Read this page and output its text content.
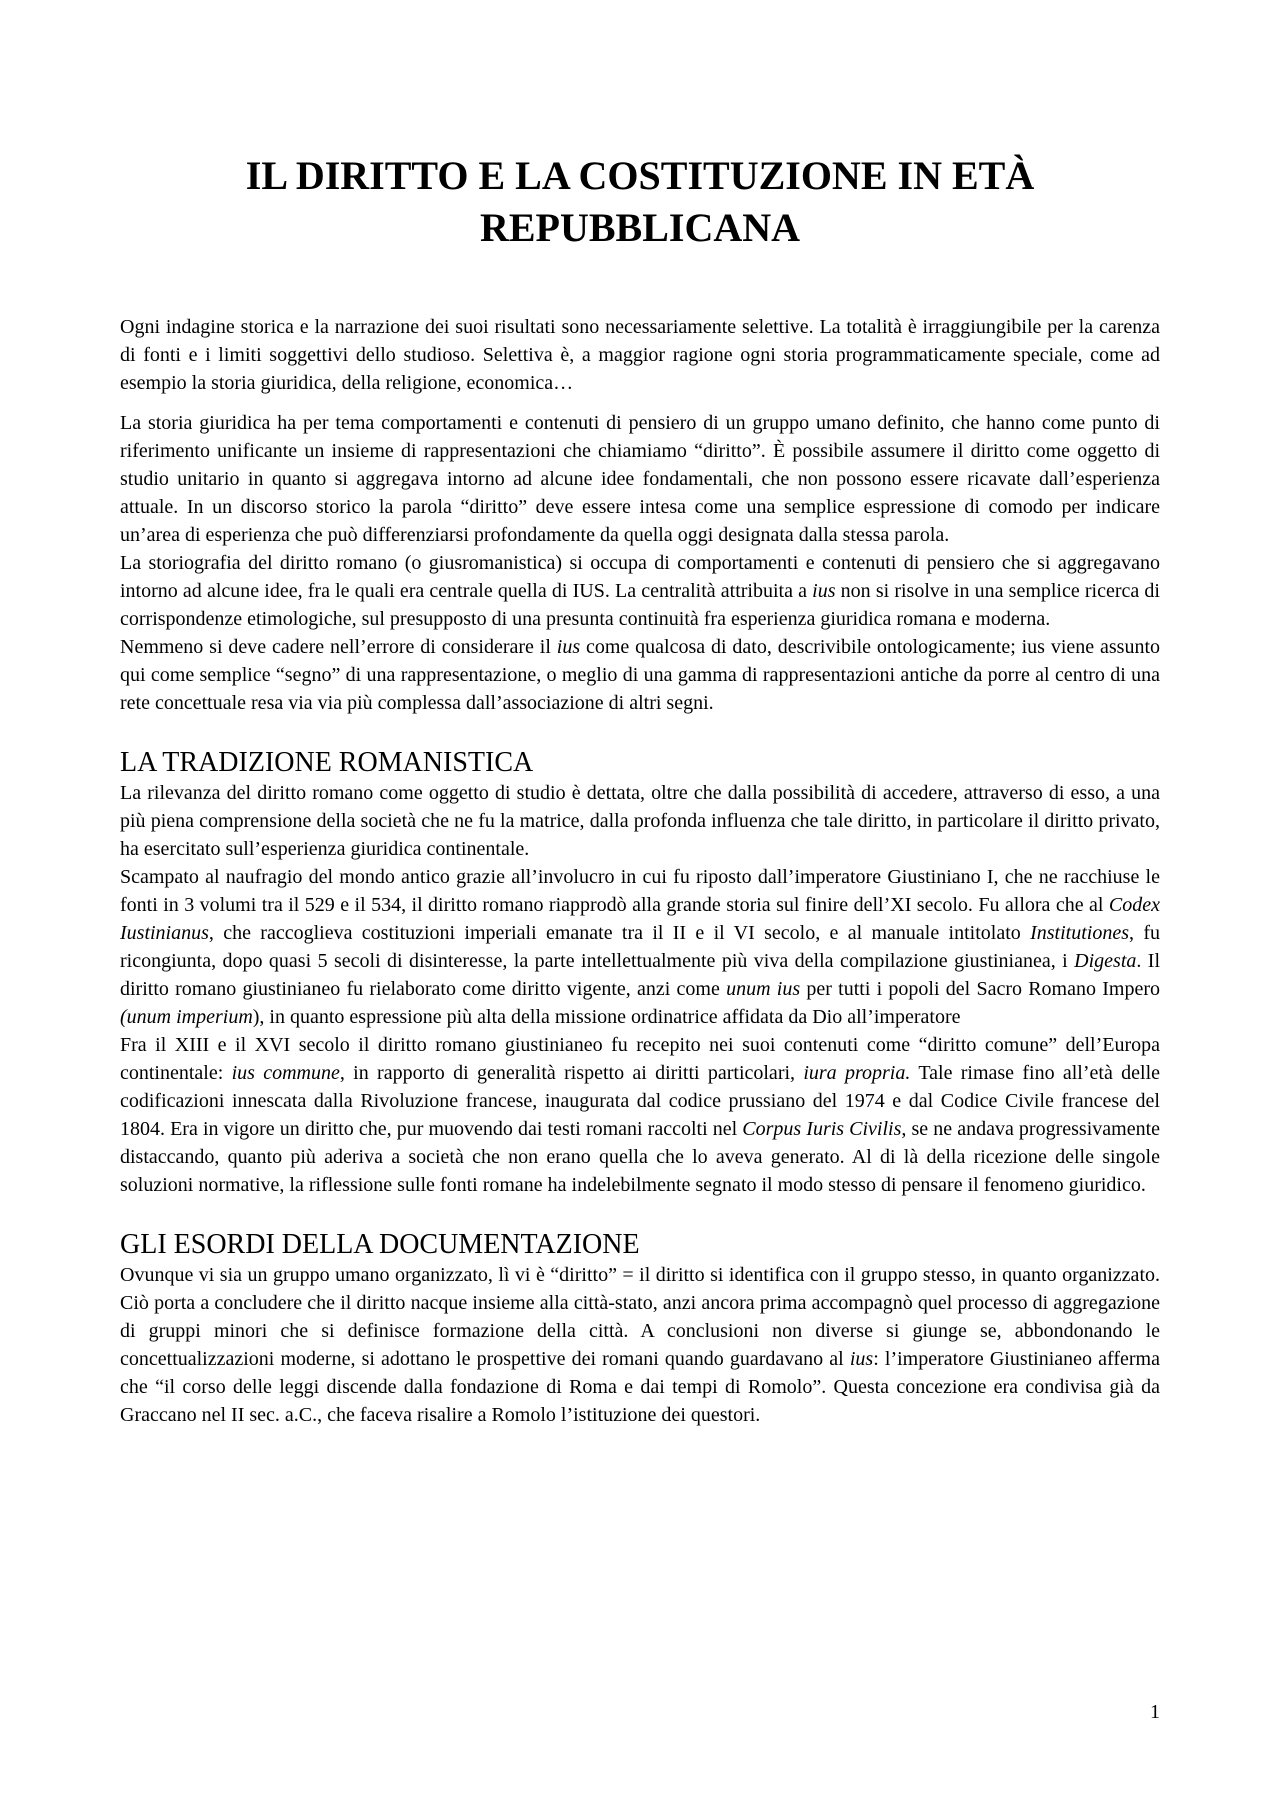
IL DIRITTO E LA COSTITUZIONE IN ETÀ
REPUBBLICANA

Ogni indagine storica e la narrazione dei suoi risultati sono necessariamente selettive. La totalità è irraggiungibile per la carenza di fonti e i limiti soggettivi dello studioso. Selettiva è, a maggior ragione ogni storia programmaticamente speciale, come ad esempio la storia giuridica, della religione, economica…

La storia giuridica ha per tema comportamenti e contenuti di pensiero di un gruppo umano definito, che hanno come punto di riferimento unificante un insieme di rappresentazioni che chiamiamo “diritto”. È possibile assumere il diritto come oggetto di studio unitario in quanto si aggregava intorno ad alcune idee fondamentali, che non possono essere ricavate dall’esperienza attuale. In un discorso storico la parola “diritto” deve essere intesa come una semplice espressione di comodo per indicare un’area di esperienza che può differenziarsi profondamente da quella oggi designata dalla stessa parola.

La storiografia del diritto romano (o giusromanistica) si occupa di comportamenti e contenuti di pensiero che si aggregavano intorno ad alcune idee, fra le quali era centrale quella di IUS. La centralità attribuita a ius non si risolve in una semplice ricerca di corrispondenze etimologiche, sul presupposto di una presunta continuità fra esperienza giuridica romana e moderna.

Nemmeno si deve cadere nell’errore di considerare il ius come qualcosa di dato, descrivibile ontologicamente; ius viene assunto qui come semplice “segno” di una rappresentazione, o meglio di una gamma di rappresentazioni antiche da porre al centro di una rete concettuale resa via via più complessa dall’associazione di altri segni.

LA TRADIZIONE ROMANISTICA

La rilevanza del diritto romano come oggetto di studio è dettata, oltre che dalla possibilità di accedere, attraverso di esso, a una più piena comprensione della società che ne fu la matrice, dalla profonda influenza che tale diritto, in particolare il diritto privato, ha esercitato sull’esperienza giuridica continentale.

Scampato al naufragio del mondo antico grazie all’involucro in cui fu riposto dall’imperatore Giustiniano I, che ne racchiuse le fonti in 3 volumi tra il 529 e il 534, il diritto romano riapprodò alla grande storia sul finire dell’XI secolo. Fu allora che al Codex Iustinianus, che raccoglieva costituzioni imperiali emanate tra il II e il VI secolo, e al manuale intitolato Institutiones, fu ricongiunta, dopo quasi 5 secoli di disinteresse, la parte intellettualmente più viva della compilazione giustinianea, i Digesta. Il diritto romano giustinianeo fu rielaborato come diritto vigente, anzi come unum ius per tutti i popoli del Sacro Romano Impero (unum imperium), in quanto espressione più alta della missione ordinatrice affidata da Dio all’imperatore

Fra il XIII e il XVI secolo il diritto romano giustinianeo fu recepito nei suoi contenuti come “diritto comune” dell’Europa continentale: ius commune, in rapporto di generalità rispetto ai diritti particolari, iura propria. Tale rimase fino all’età delle codificazioni innescata dalla Rivoluzione francese, inaugurata dal codice prussiano del 1974 e dal Codice Civile francese del 1804. Era in vigore un diritto che, pur muovendo dai testi romani raccolti nel Corpus Iuris Civilis, se ne andava progressivamente distaccando, quanto più aderiva a società che non erano quella che lo aveva generato. Al di là della ricezione delle singole soluzioni normative, la riflessione sulle fonti romane ha indelebilmente segnato il modo stesso di pensare il fenomeno giuridico.

GLI ESORDI DELLA DOCUMENTAZIONE

Ovunque vi sia un gruppo umano organizzato, lì vi è “diritto” = il diritto si identifica con il gruppo stesso, in quanto organizzato. Ciò porta a concludere che il diritto nacque insieme alla città-stato, anzi ancora prima accompagnò quel processo di aggregazione di gruppi minori che si definisce formazione della città. A conclusioni non diverse si giunge se, abbondonando le concettualizzazioni moderne, si adottano le prospettive dei romani quando guardavano al ius: l’imperatore Giustinianeo afferma che “il corso delle leggi discende dalla fondazione di Roma e dai tempi di Romolo”. Questa concezione era condivisa già da Graccano nel II sec. a.C., che faceva risalire a Romolo l’istituzione dei questori.

1
